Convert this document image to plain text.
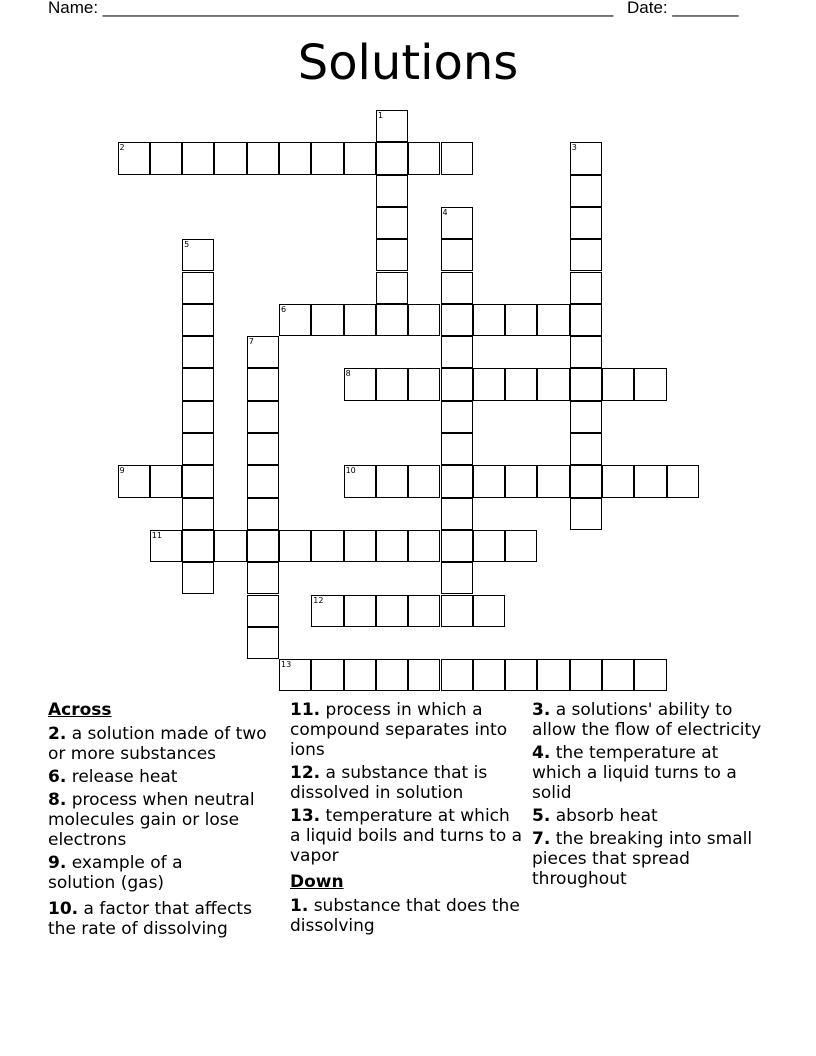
Name: ______________________________________________________ Date: _______
Solutions
2
6
8
9	10
11
12
13
1
3
4
5
7
Across
2. a solution made of two or more substances
6. release heat
8. process when neutral molecules gain or lose electrons
9. example of a solution (gas)
10. a factor that affects the rate of dissolving
11. process in which a compound separates into ions
12. a substance that is dissolved in solution
13. temperature at which a liquid boils and turns to a vapor
Down
1. substance that does the dissolving
3. a solutions' ability to allow the flow of electricity
4. the temperature at which a liquid turns to a solid
5. absorb heat
7. the breaking into small pieces that spread throughout
